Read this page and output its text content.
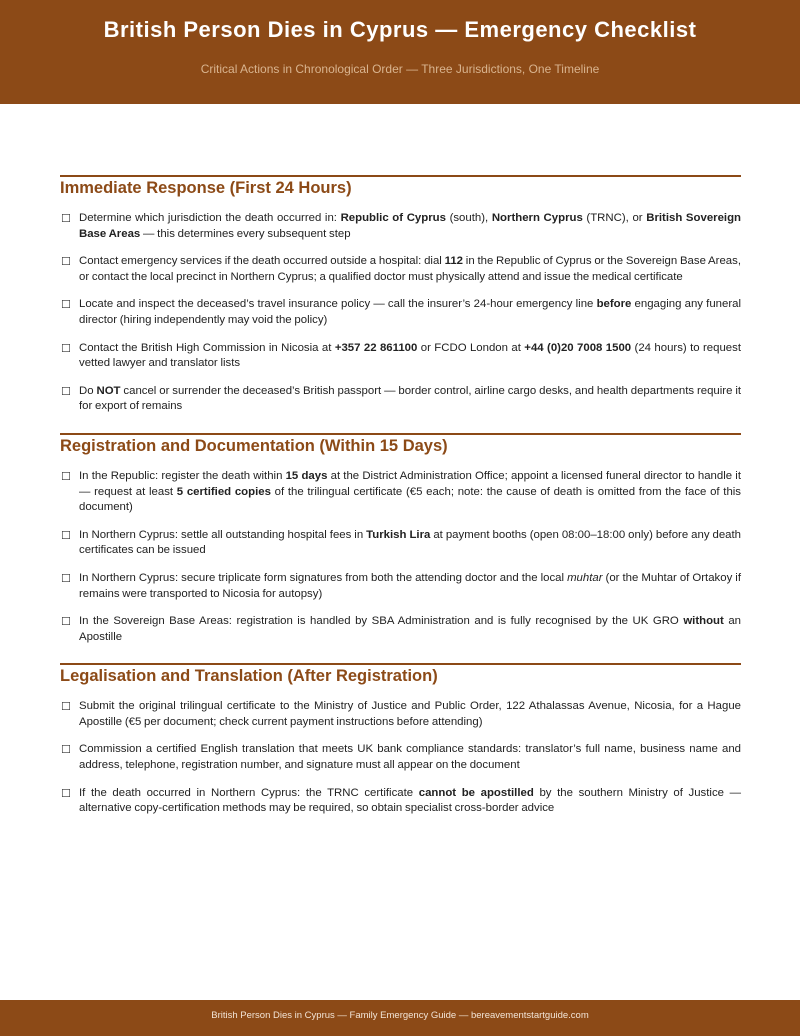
British Person Dies in Cyprus — Emergency Checklist
Critical Actions in Chronological Order — Three Jurisdictions, One Timeline
Immediate Response (First 24 Hours)
☐ Determine which jurisdiction the death occurred in: Republic of Cyprus (south), Northern Cyprus (TRNC), or British Sovereign Base Areas — this determines every subsequent step
☐ Contact emergency services if the death occurred outside a hospital: dial 112 in the Republic of Cyprus or the Sovereign Base Areas, or contact the local precinct in Northern Cyprus; a qualified doctor must physically attend and issue the medical certificate
☐ Locate and inspect the deceased’s travel insurance policy — call the insurer’s 24-hour emergency line before engaging any funeral director (hiring independently may void the policy)
☐ Contact the British High Commission in Nicosia at +357 22 861100 or FCDO London at +44 (0)20 7008 1500 (24 hours) to request vetted lawyer and translator lists
☐ Do NOT cancel or surrender the deceased’s British passport — border control, airline cargo desks, and health departments require it for export of remains
Registration and Documentation (Within 15 Days)
☐ In the Republic: register the death within 15 days at the District Administration Office; appoint a licensed funeral director to handle it — request at least 5 certified copies of the trilingual certificate (€5 each; note: the cause of death is omitted from the face of this document)
☐ In Northern Cyprus: settle all outstanding hospital fees in Turkish Lira at payment booths (open 08:00–18:00 only) before any death certificates can be issued
☐ In Northern Cyprus: secure triplicate form signatures from both the attending doctor and the local muhtar (or the Muhtar of Ortakoy if remains were transported to Nicosia for autopsy)
☐ In the Sovereign Base Areas: registration is handled by SBA Administration and is fully recognised by the UK GRO without an Apostille
Legalisation and Translation (After Registration)
☐ Submit the original trilingual certificate to the Ministry of Justice and Public Order, 122 Athalassas Avenue, Nicosia, for a Hague Apostille (€5 per document; check current payment instructions before attending)
☐ Commission a certified English translation that meets UK bank compliance standards: translator’s full name, business name and address, telephone, registration number, and signature must all appear on the document
☐ If the death occurred in Northern Cyprus: the TRNC certificate cannot be apostilled by the southern Ministry of Justice — alternative copy-certification methods may be required, so obtain specialist cross-border advice
British Person Dies in Cyprus — Family Emergency Guide — bereavementstartguide.com
